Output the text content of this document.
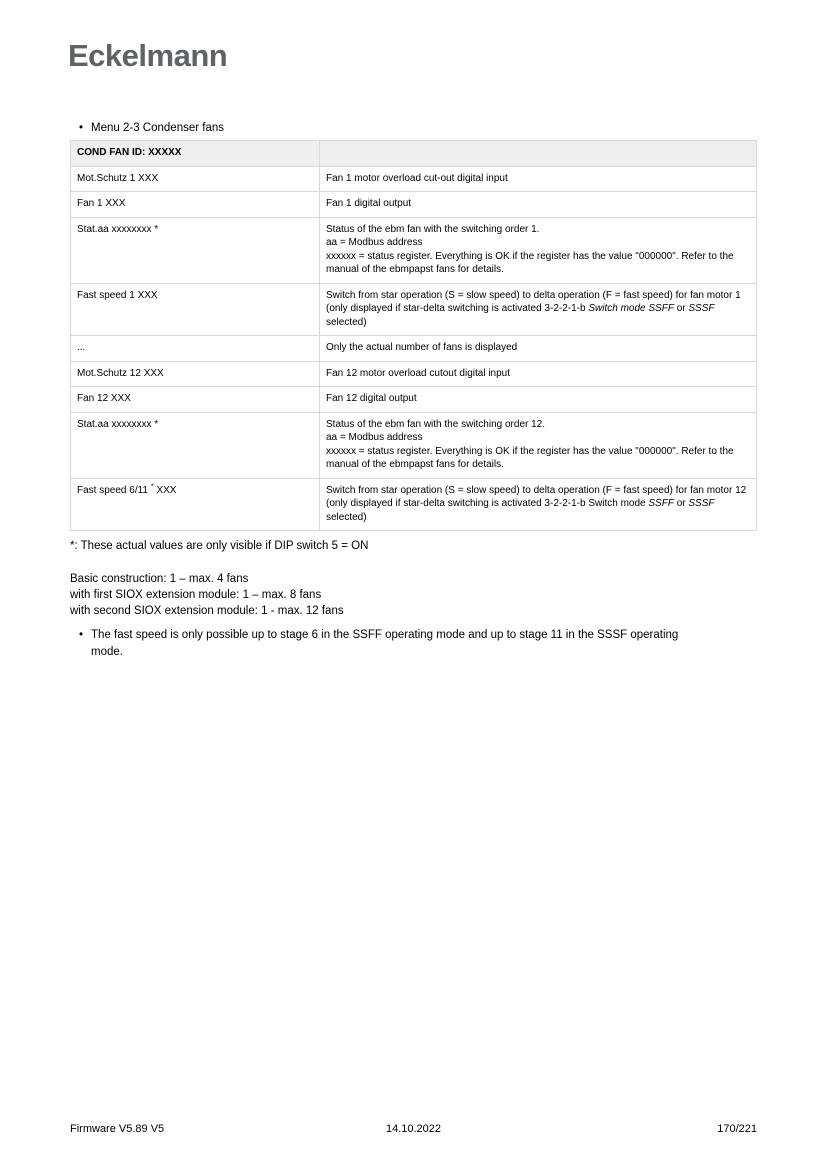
Eckelmann
• Menu 2-3 Condenser fans
COND FAN ID: XXXXX	
Mot.Schutz 1 XXX	Fan 1 motor overload cut-out digital input

Fan 1 XXX	Fan 1 digital output

Stat.aa xxxxxxxx *	Status of the ebm fan with the switching order 1.
aa = Modbus address
xxxxxx = status register. Everything is OK if the register has the value "000000". Refer to the manual of the ebmpapst fans for details.

Fast speed 1 XXX	Switch from star operation (S = slow speed) to delta operation (F = fast speed) for fan motor 1 (only displayed if star-delta switching is activated 3-2-2-1-b Switch mode SSFF or SSSF selected)

...	Only the actual number of fans is displayed

Mot.Schutz 12 XXX	Fan 12 motor overload cutout digital input

Fan 12 XXX	Fan 12 digital output

Stat.aa xxxxxxxx *	Status of the ebm fan with the switching order 12.
aa = Modbus address
xxxxxx = status register. Everything is OK if the register has the value "000000". Refer to the manual of the ebmpapst fans for details.

Fast speed 6/11 * XXX	Switch from star operation (S = slow speed) to delta operation (F = fast speed) for fan motor 12 (only displayed if star-delta switching is activated 3-2-2-1-b Switch mode SSFF or SSSF selected)
*: These actual values are only visible if DIP switch 5 = ON
Basic construction: 1 – max. 4 fans
with first SIOX extension module: 1 – max. 8 fans
with second SIOX extension module: 1 - max. 12 fans
• The fast speed is only possible up to stage 6 in the SSFF operating mode and up to stage 11 in the SSSF operating mode.
Firmware V5.89 V5	14.10.2022	170/221
